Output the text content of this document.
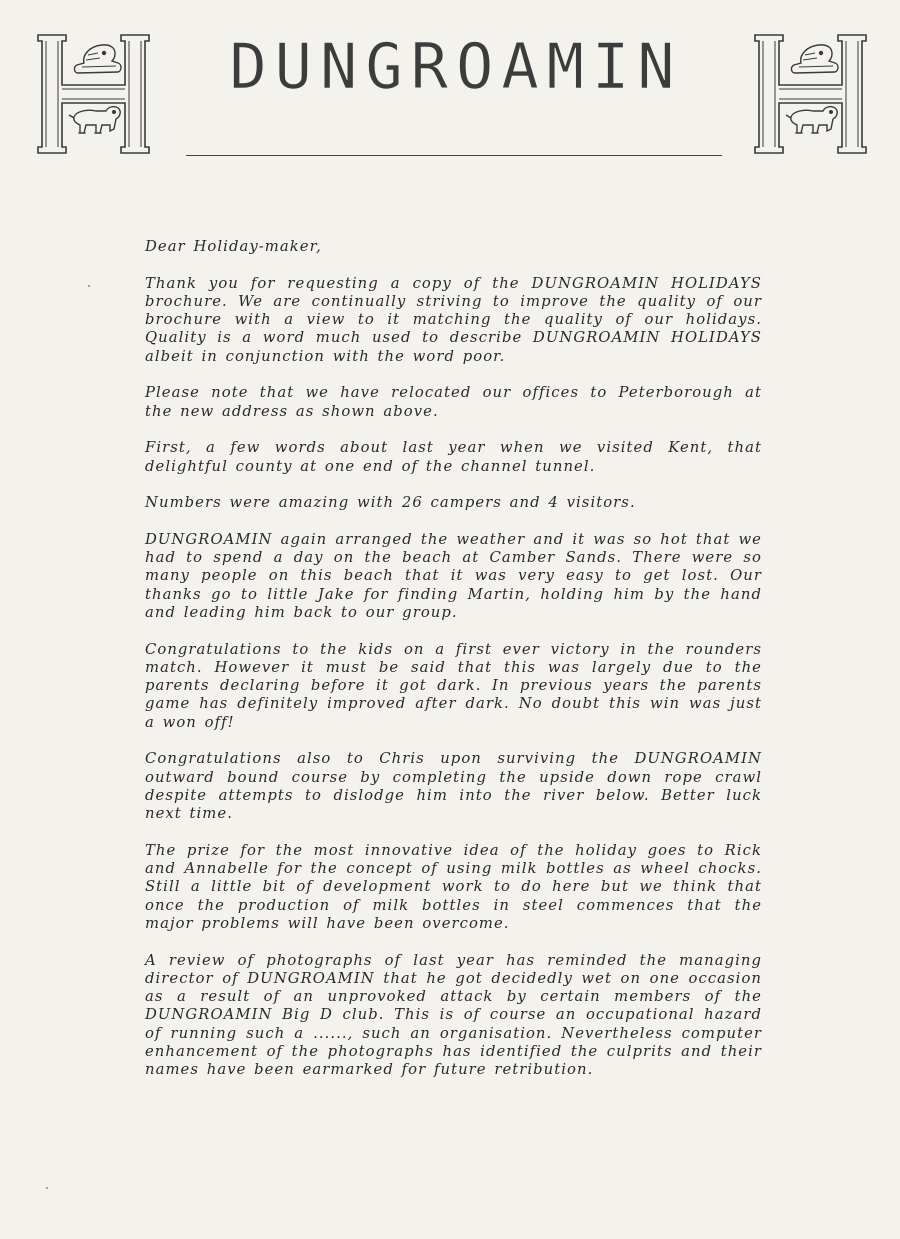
DUNGROAMIN

Dear Holiday-maker,

Thank you for requesting a copy of the DUNGROAMIN HOLIDAYS brochure. We are continually striving to improve the quality of our brochure with a view to it matching the quality of our holidays. Quality is a word much used to describe DUNGROAMIN HOLIDAYS albeit in conjunction with the word poor.

Please note that we have relocated our offices to Peterborough at the new address as shown above.

First, a few words about last year when we visited Kent, that delightful county at one end of the channel tunnel.

Numbers were amazing with 26 campers and 4 visitors.

DUNGROAMIN again arranged the weather and it was so hot that we had to spend a day on the beach at Camber Sands. There were so many people on this beach that it was very easy to get lost. Our thanks go to little Jake for finding Martin, holding him by the hand and leading him back to our group.

Congratulations to the kids on a first ever victory in the rounders match. However it must be said that this was largely due to the parents declaring before it got dark. In previous years the parents game has definitely improved after dark. No doubt this win was just a won off!

Congratulations also to Chris upon surviving the DUNGROAMIN outward bound course by completing the upside down rope crawl despite attempts to dislodge him into the river below. Better luck next time.

The prize for the most innovative idea of the holiday goes to Rick and Annabelle for the concept of using milk bottles as wheel chocks. Still a little bit of development work to do here but we think that once the production of milk bottles in steel commences that the major problems will have been overcome.

A review of photographs of last year has reminded the managing director of DUNGROAMIN that he got decidedly wet on one occasion as a result of an unprovoked attack by certain members of the DUNGROAMIN Big D club. This is of course an occupational hazard of running such a ......, such an organisation. Nevertheless computer enhancement of the photographs has identified the culprits and their names have been earmarked for future retribution.
